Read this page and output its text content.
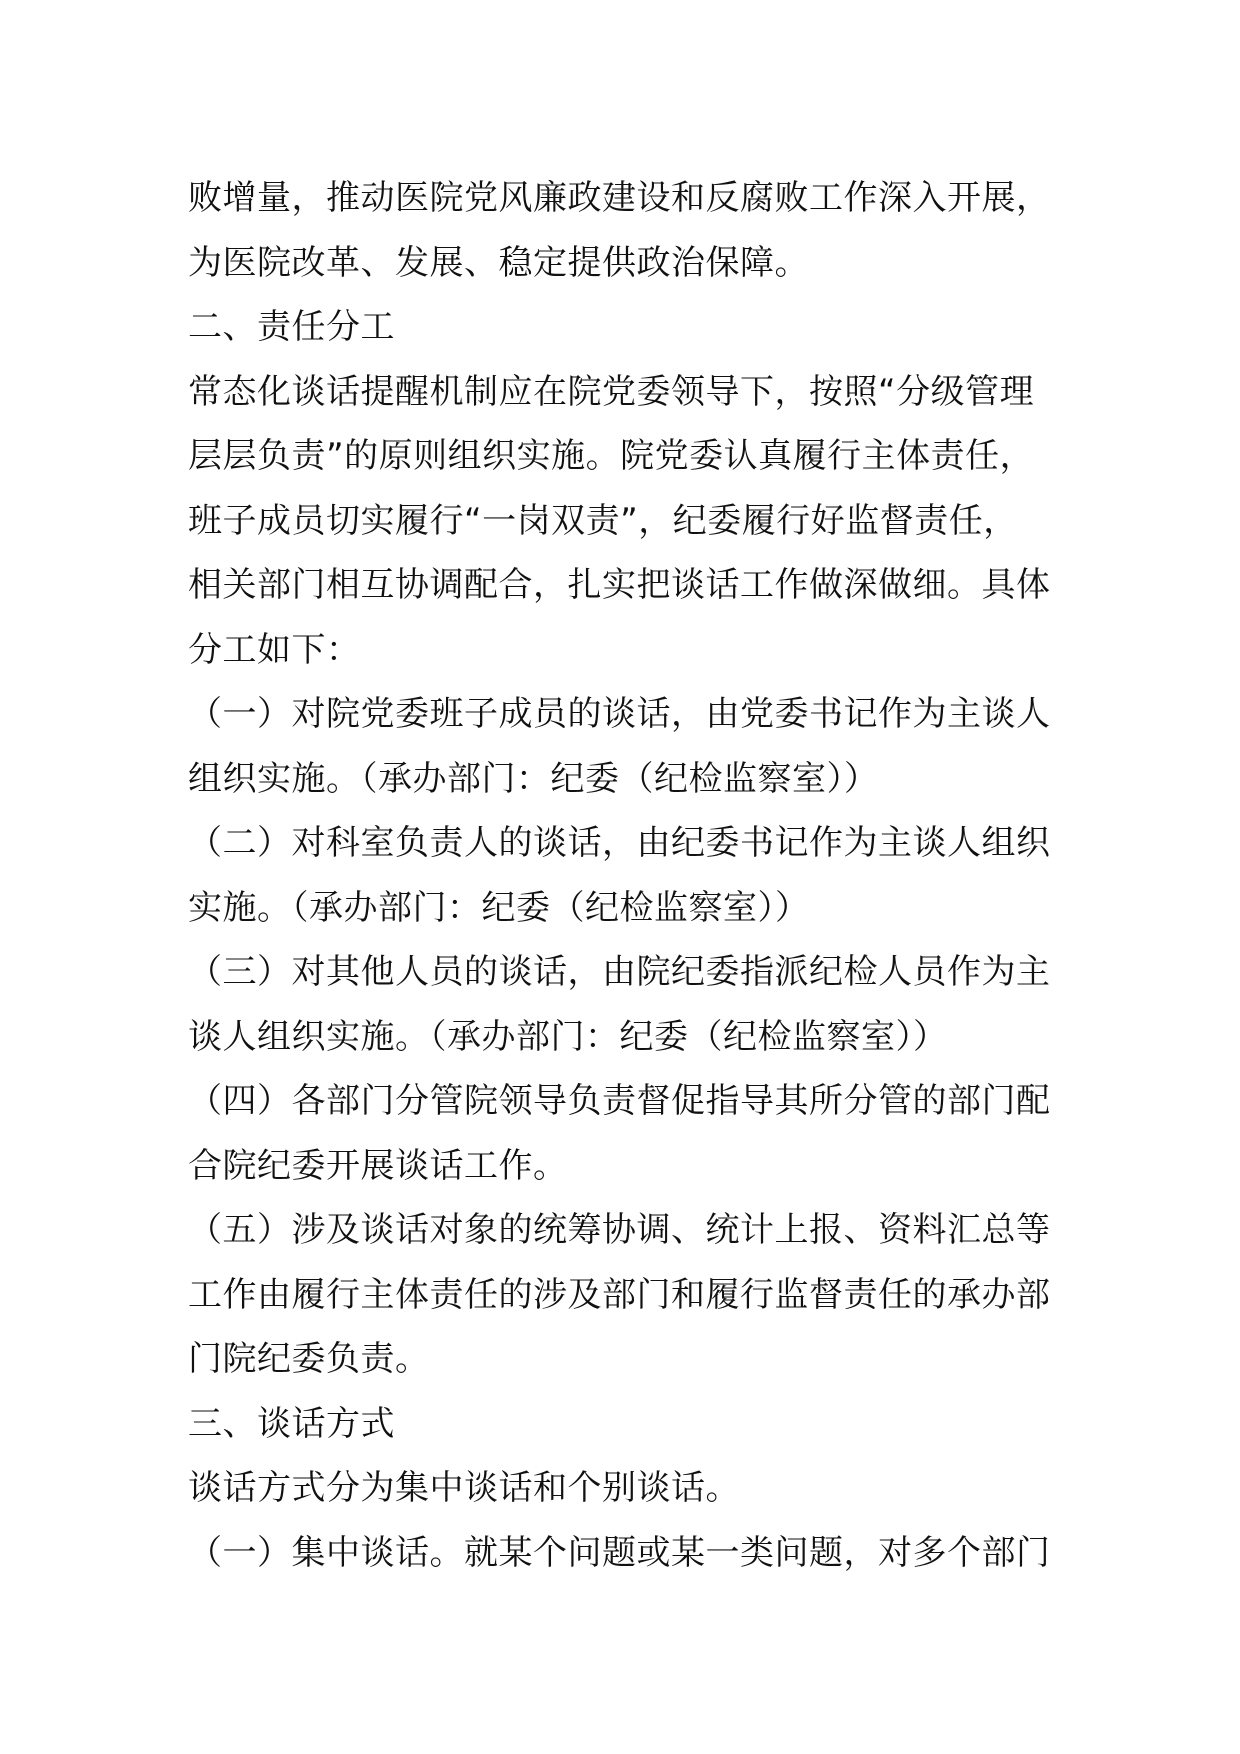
败增量，推动医院党风廉政建设和反腐败工作深入开展，
为医院改革、发展、稳定提供政治保障。
二、责任分工
常态化谈话提醒机制应在院党委领导下，按照“分级管理
层层负责”的原则组织实施。院党委认真履行主体责任，
班子成员切实履行“一岗双责”，纪委履行好监督责任，
相关部门相互协调配合，扎实把谈话工作做深做细。具体
分工如下：
（一）对院党委班子成员的谈话，由党委书记作为主谈人
组织实施。（承办部门：纪委（纪检监察室））
（二）对科室负责人的谈话，由纪委书记作为主谈人组织
实施。（承办部门：纪委（纪检监察室））
（三）对其他人员的谈话，由院纪委指派纪检人员作为主
谈人组织实施。（承办部门：纪委（纪检监察室））
（四）各部门分管院领导负责督促指导其所分管的部门配
合院纪委开展谈话工作。
（五）涉及谈话对象的统筹协调、统计上报、资料汇总等
工作由履行主体责任的涉及部门和履行监督责任的承办部
门院纪委负责。
三、谈话方式
谈话方式分为集中谈话和个别谈话。
（一）集中谈话。就某个问题或某一类问题，对多个部门
